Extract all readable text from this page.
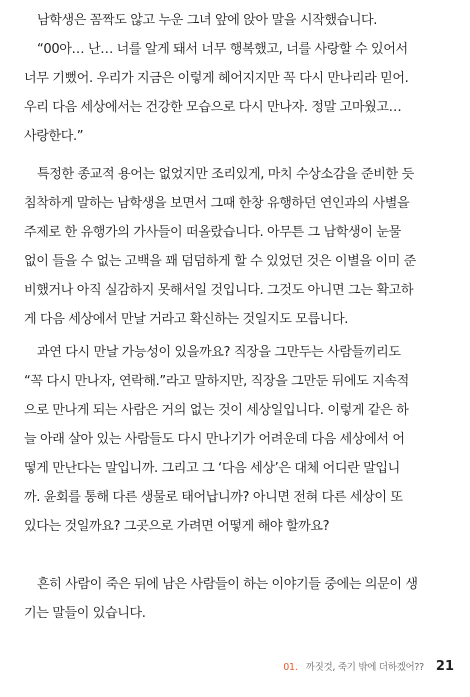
남학생은 꼼짝도 않고 누운 그녀 앞에 앉아 말을 시작했습니다.
“00아… 난… 너를 알게 돼서 너무 행복했고, 너를 사랑할 수 있어서
너무 기뻤어. 우리가 지금은 이렇게 헤어지지만 꼭 다시 만나리라 믿어.
우리 다음 세상에서는 건강한 모습으로 다시 만나자. 정말 고마웠고…
사랑한다.”
특정한 종교적 용어는 없었지만 조리있게, 마치 수상소감을 준비한 듯
침착하게 말하는 남학생을 보면서 그때 한창 유행하던 연인과의 사별을
주제로 한 유행가의 가사들이 떠올랐습니다. 아무튼 그 남학생이 눈물
없이 들을 수 없는 고백을 꽤 덤덤하게 할 수 있었던 것은 이별을 이미 준
비했거나 아직 실감하지 못해서일 것입니다. 그것도 아니면 그는 확고하
게 다음 세상에서 만날 거라고 확신하는 것일지도 모릅니다.
과연 다시 만날 가능성이 있을까요? 직장을 그만두는 사람들끼리도
“꼭 다시 만나자, 연락해.”라고 말하지만, 직장을 그만둔 뒤에도 지속적
으로 만나게 되는 사람은 거의 없는 것이 세상일입니다. 이렇게 같은 하
늘 아래 살아 있는 사람들도 다시 만나기가 어려운데 다음 세상에서 어
떻게 만난다는 말입니까. 그리고 그 ‘다음 세상’은 대체 어디란 말입니
까. 윤회를 통해 다른 생물로 태어납니까? 아니면 전혀 다른 세상이 또
있다는 것일까요? 그곳으로 가려면 어떻게 해야 할까요?
흔히 사람이 죽은 뒤에 남은 사람들이 하는 이야기들 중에는 의문이 생
기는 말들이 있습니다.
01. 까짓것, 죽기 밖에 더하겠어?? 21
